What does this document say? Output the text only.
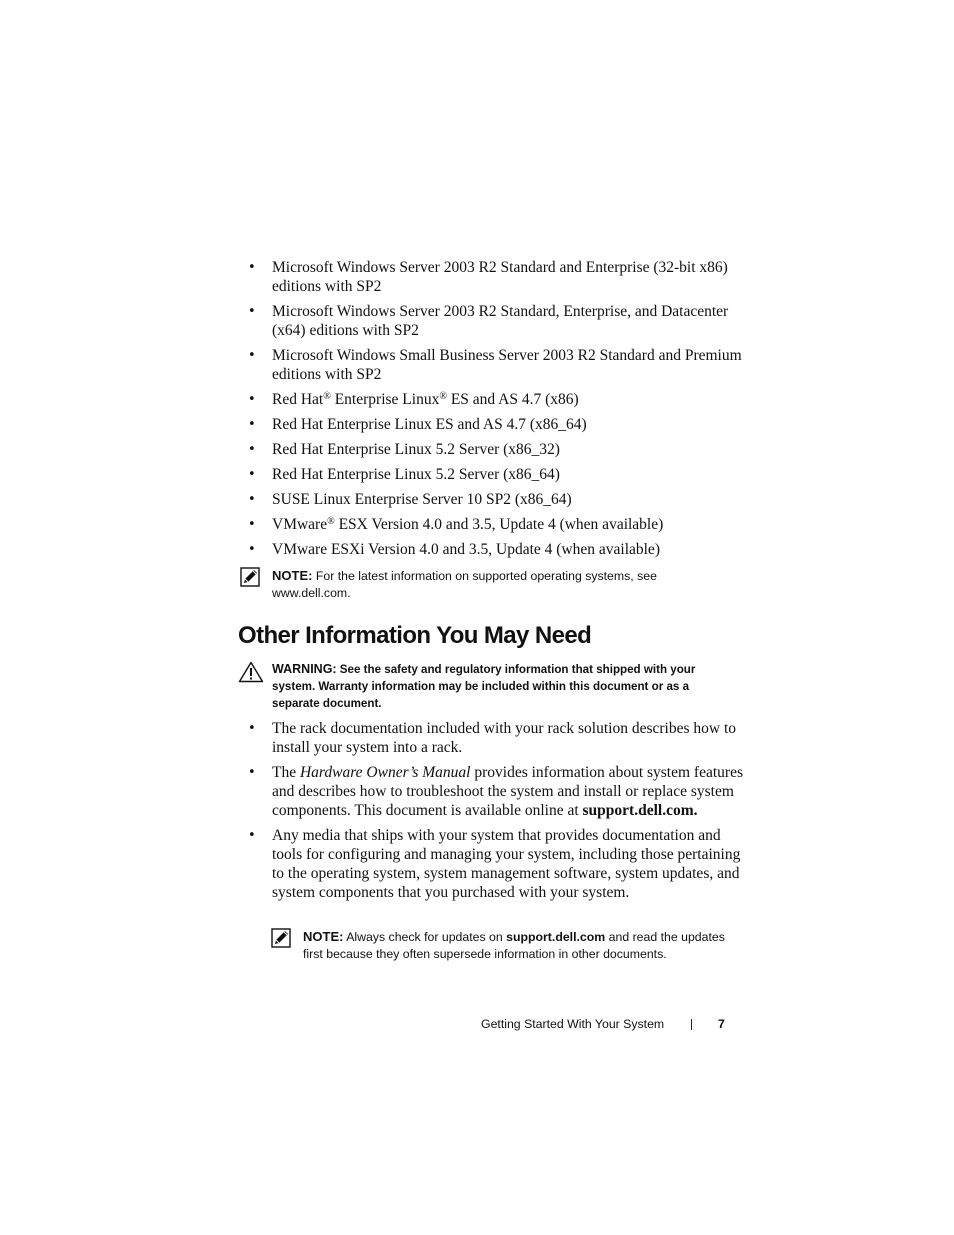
• Microsoft Windows Server 2003 R2 Standard and Enterprise (32-bit x86) editions with SP2
• Microsoft Windows Server 2003 R2 Standard, Enterprise, and Datacenter (x64) editions with SP2
• Microsoft Windows Small Business Server 2003 R2 Standard and Premium editions with SP2
• Red Hat® Enterprise Linux® ES and AS 4.7 (x86)
• Red Hat Enterprise Linux ES and AS 4.7 (x86_64)
• Red Hat Enterprise Linux 5.2 Server (x86_32)
• Red Hat Enterprise Linux 5.2 Server (x86_64)
• SUSE Linux Enterprise Server 10 SP2 (x86_64)
• VMware® ESX Version 4.0 and 3.5, Update 4 (when available)
• VMware ESXi Version 4.0 and 3.5, Update 4 (when available)
NOTE: For the latest information on supported operating systems, see www.dell.com.
Other Information You May Need
WARNING: See the safety and regulatory information that shipped with your system. Warranty information may be included within this document or as a separate document.
• The rack documentation included with your rack solution describes how to install your system into a rack.
• The Hardware Owner’s Manual provides information about system features and describes how to troubleshoot the system and install or replace system components. This document is available online at support.dell.com.
• Any media that ships with your system that provides documentation and tools for configuring and managing your system, including those pertaining to the operating system, system management software, system updates, and system components that you purchased with your system.
NOTE: Always check for updates on support.dell.com and read the updates first because they often supersede information in other documents.
Getting Started With Your System	7
